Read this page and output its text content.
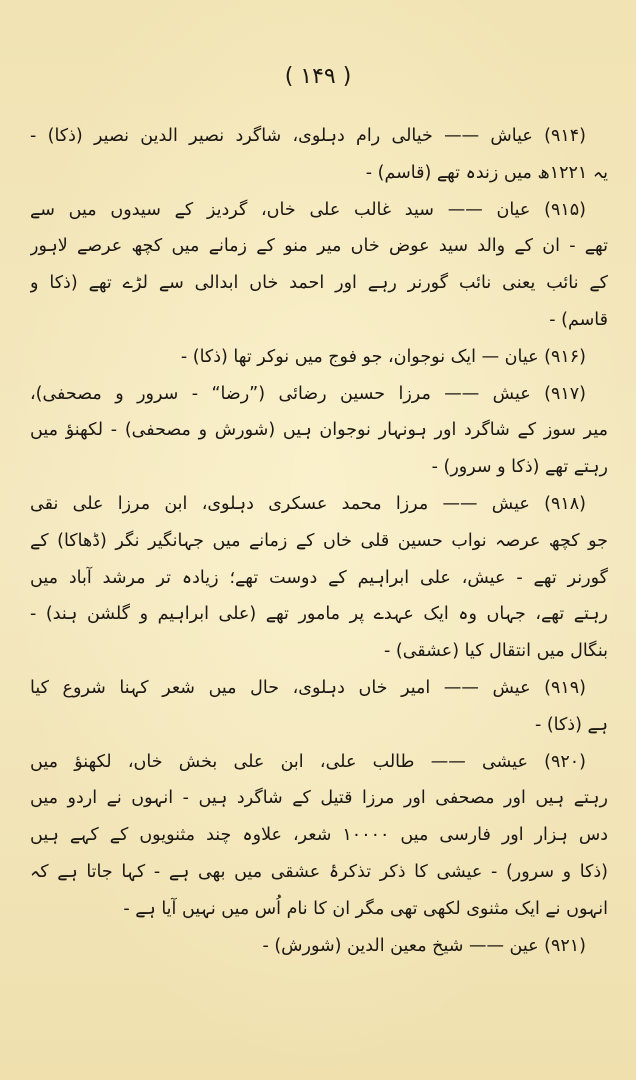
( ۱۴۹ )
(۹۱۴) عیاش —— خیالی رام دہلوی، شاگرد نصیر الدین نصیر (ذکا) -
یہ ۱۲۲۱ھ میں زندہ تھے (قاسم) -
(۹۱۵) عیان —— سید غالب علی خاں، گردیز کے سیدوں میں سے
تھے - ان کے والد سید عوض خاں میر منو کے زمانے میں کچھ عرصے لاہور
کے نائب یعنی نائب گورنر رہے اور احمد خاں ابدالی سے لڑے تھے (ذکا و
قاسم) -
(۹۱۶) عیان — ایک نوجوان، جو فوج میں نوکر تھا (ذکا) -
(۹۱۷) عیش —— مرزا حسین رضائی (”رضا“ - سرور و مصحفی)،
میر سوز کے شاگرد اور ہونہار نوجوان ہیں (شورش و مصحفی) - لکھنؤ میں
رہتے تھے (ذکا و سرور) -
(۹۱۸) عیش —— مرزا محمد عسکری دہلوی، ابن مرزا علی نقی
جو کچھ عرصہ نواب حسین قلی خاں کے زمانے میں جہانگیر نگر (ڈھاکا) کے
گورنر تھے - عیش، علی ابراہیم کے دوست تھے؛ زیادہ تر مرشد آباد میں
رہتے تھے، جہاں وہ ایک عہدے پر مامور تھے (علی ابراہیم و گلشن ہند) -
بنگال میں انتقال کیا (عشقی) -
(۹۱۹) عیش —— امیر خاں دہلوی، حال میں شعر کہنا شروع کیا
ہے (ذکا) -
(۹۲۰) عیشی —— طالب علی، ابن علی بخش خاں، لکھنؤ میں
رہتے ہیں اور مصحفی اور مرزا قتیل کے شاگرد ہیں - انہوں نے اردو میں
دس ہزار اور فارسی میں ۱۰۰۰۰ شعر، علاوہ چند مثنویوں کے کہے ہیں
(ذکا و سرور) - عیشی کا ذکر تذکرۂ عشقی میں بھی ہے - کہا جاتا ہے کہ
انہوں نے ایک مثنوی لکھی تھی مگر ان کا نام اُس میں نہیں آیا ہے -
(۹۲۱) عین —— شیخ معین الدین (شورش) -
